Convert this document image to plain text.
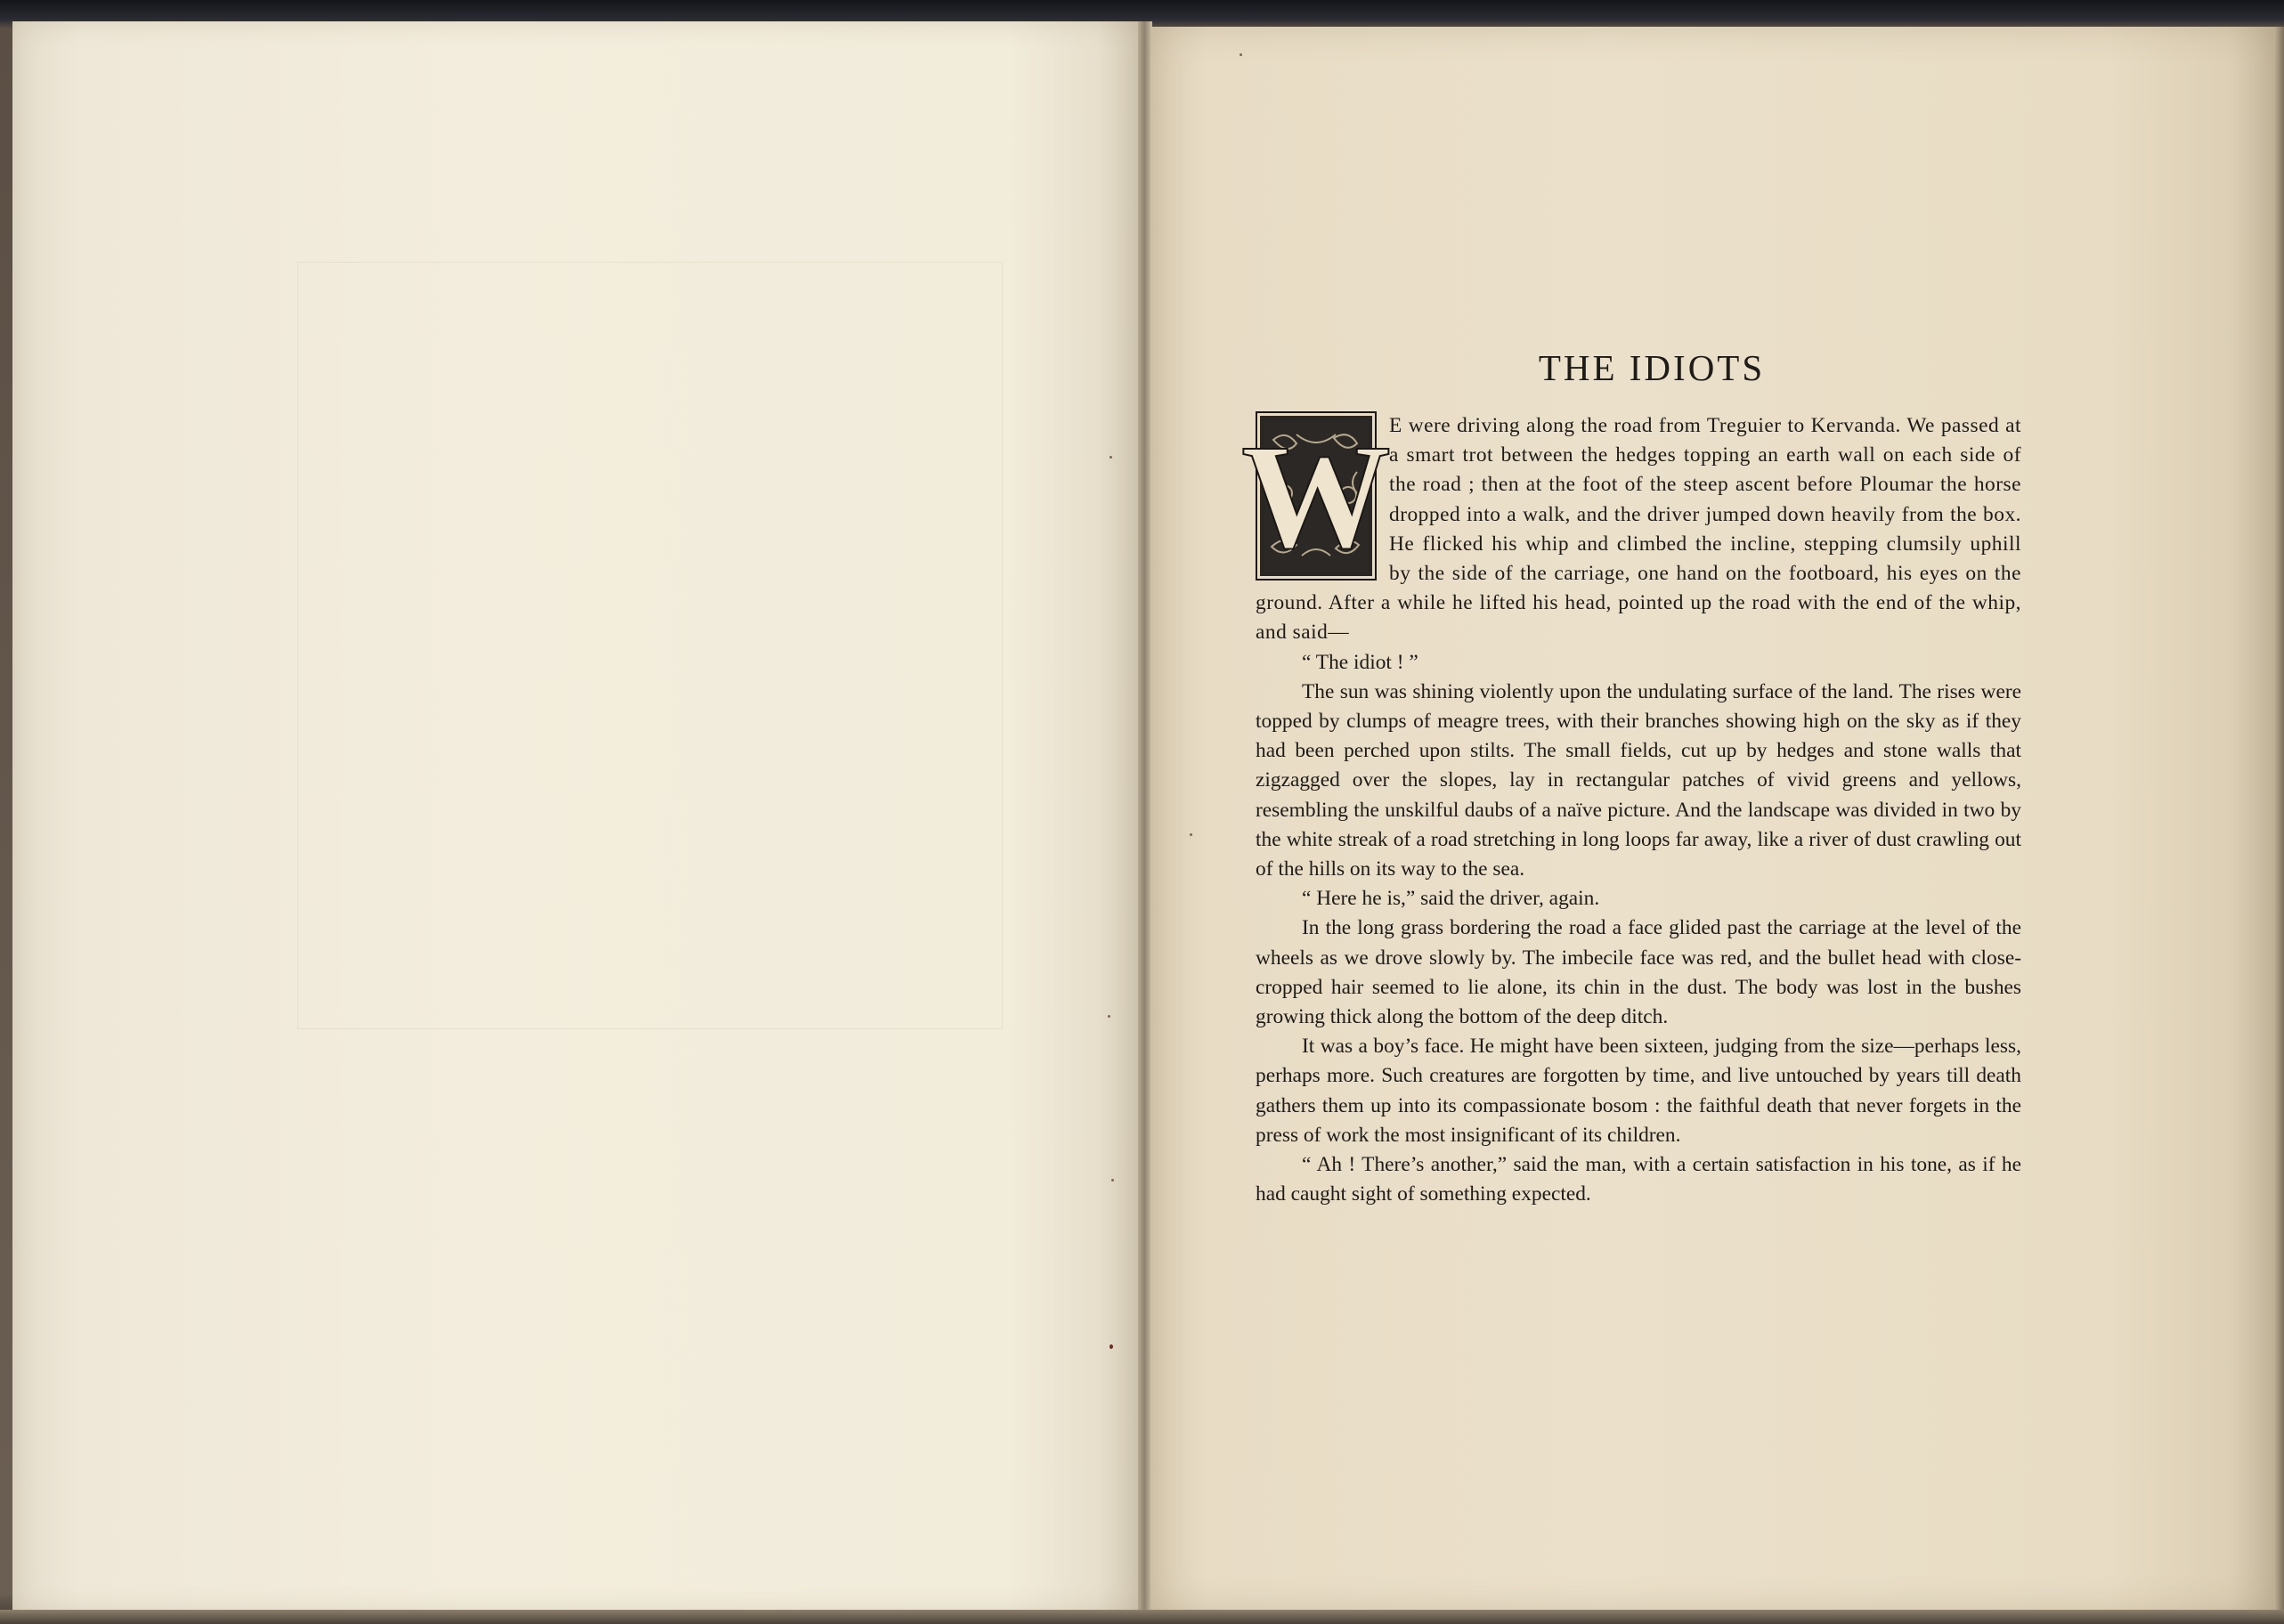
THE IDIOTS

W
E were driving along the road from Treguier to Kervanda. We passed at a smart trot between the hedges topping an earth wall on each side of the road ; then at the foot of the steep ascent before Ploumar the horse dropped into a walk, and the driver jumped down heavily from the box. He flicked his whip and climbed the incline, stepping clumsily uphill by the side of the carriage, one hand on the footboard, his eyes on the ground. After a while he lifted his head, pointed up the road with the end of the whip, and said—

“ The idiot ! ”

The sun was shining violently upon the undulating surface of the land. The rises were topped by clumps of meagre trees, with their branches showing high on the sky as if they had been perched upon stilts. The small fields, cut up by hedges and stone walls that zigzagged over the slopes, lay in rectangular patches of vivid greens and yellows, resembling the unskilful daubs of a naïve picture. And the landscape was divided in two by the white streak of a road stretching in long loops far away, like a river of dust crawling out of the hills on its way to the sea.

“ Here he is,” said the driver, again.

In the long grass bordering the road a face glided past the carriage at the level of the wheels as we drove slowly by. The imbecile face was red, and the bullet head with close-cropped hair seemed to lie alone, its chin in the dust. The body was lost in the bushes growing thick along the bottom of the deep ditch.

It was a boy’s face. He might have been sixteen, judging from the size—perhaps less, perhaps more. Such creatures are forgotten by time, and live untouched by years till death gathers them up into its compassionate bosom : the faithful death that never forgets in the press of work the most insignificant of its children.

“ Ah ! There’s another,” said the man, with a certain satisfaction in his tone, as if he had caught sight of something expected.
